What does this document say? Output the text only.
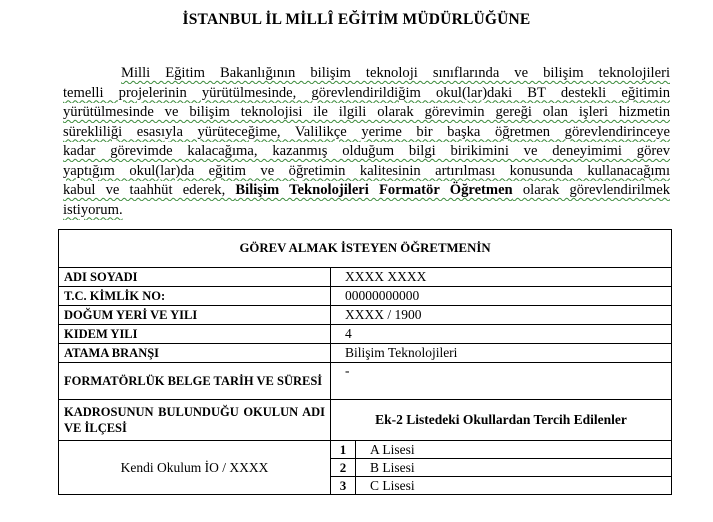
İSTANBUL İL MİLLÎ EĞİTİM MÜDÜRLÜĞÜNE
Milli Eğitim Bakanlığının bilişim teknoloji sınıflarında ve bilişim teknolojileri
temelli projelerinin yürütülmesinde, görevlendirildiğim okul(lar)daki BT destekli eğitimin
yürütülmesinde ve bilişim teknolojisi ile ilgili olarak görevimin gereği olan işleri hizmetin
sürekliliği esasıyla yürüteceğime, Valilikçe yerime bir başka öğretmen görevlendirinceye
kadar görevimde kalacağıma, kazanmış olduğum bilgi birikimini ve deneyimimi görev
yaptığım okul(lar)da eğitim ve öğretimin kalitesinin artırılması konusunda kullanacağımı
kabul ve taahhüt ederek, Bilişim Teknolojileri Formatör Öğretmen olarak görevlendirilmek
istiyorum.
GÖREV ALMAK İSTEYEN ÖĞRETMENİN		
ADI SOYADI	XXXX XXXX	
T.C. KİMLİK NO:	00000000000	
DOĞUM YERİ VE YILI	XXXX / 1900	
KIDEM YILI	4	
ATAMA BRANŞI	Bilişim Teknolojileri	
FORMATÖRLÜK BELGE TARİH VE SÜRESİ	-	
KADROSUNUN BULUNDUĞU OKULUN ADI VE İLÇESİ	Ek-2 Listedeki Okullardan Tercih Edilenler	
Kendi Okulum İO / XXXX	1	A Lisesi
	2	B Lisesi
	3	C Lisesi
